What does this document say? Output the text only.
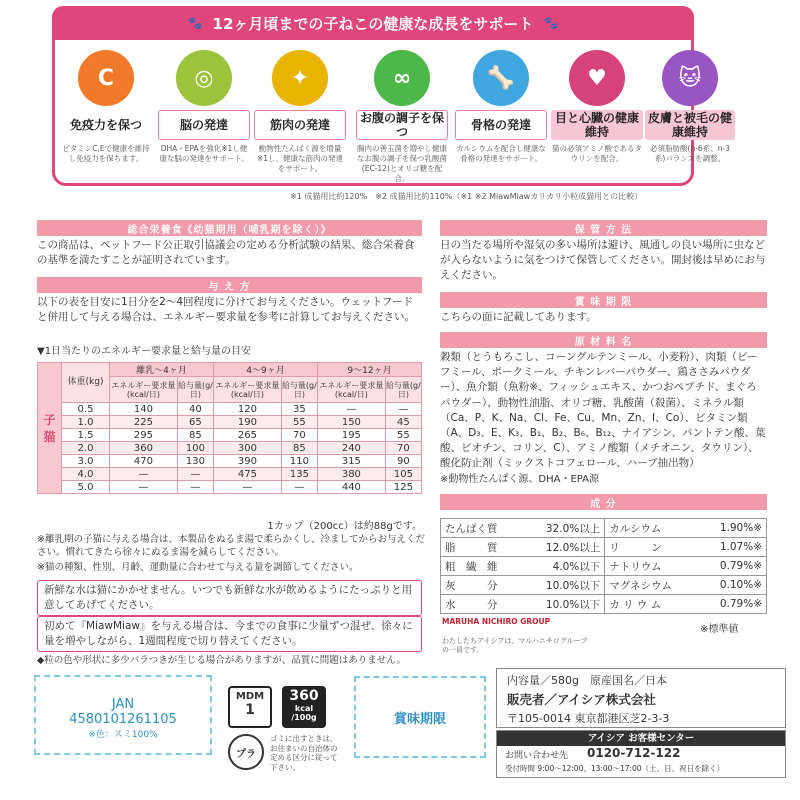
🐾 12ヶ月頃までの子ねこの健康な成長をサポート 🐾
C
免疫力を保つ
ビタミンC,Eで健康を維持し免疫力を保ちます。
◎
脳の発達
DHA・EPAを強化※1し健康な脳の発達をサポート。
✦
筋肉の発達
動物性たんぱく源を増量※1し、健康な筋肉の発達をサポート。
∞
お腹の調子を保つ
腸内の善玉菌を増やし健康なお腹の調子を保つ乳酸菌(EC-12)とオリゴ糖を配合。
🦴
骨格の発達
カルシウムを配合し健康な骨格の発達をサポート。
♥
目と心臓の健康維持
猫の必須アミノ酸であるタウリンを配合。
🐱
皮膚と被毛の健康維持
必須脂肪酸(n-6系、n-3系)バランスを調整。
※1 成猫用比約120%　※2 成猫用比約110%（※1 ※2 MiawMiawカリカリ小粒成猫用との比較）
総合栄養食《幼猫期用（哺乳期を除く）》
この商品は、ペットフード公正取引協議会の定める分析試験の結果、総合栄養食の基準を満たすことが証明されています。
与 え 方
以下の表を目安に1日分を2～4回程度に分けてお与えください。ウェットフードと併用して与える場合は、エネルギー要求量を参考に計算してお与えください。
▼1日当たりのエネルギー要求量と給与量の目安
子猫	体重(kg)	離乳～4ヶ月		4～9ヶ月		9～12ヶ月	
		エネルギー要求量(kcal/日)	給与量(g/日)	エネルギー要求量(kcal/日)	給与量(g/日)	エネルギー要求量(kcal/日)	給与量(g/日)
	0.5	140	40	120	35	—	—
	1.0	225	65	190	55	150	45
	1.5	295	85	265	70	195	55
	2.0	360	100	300	85	240	70
	3.0	470	130	390	110	315	90
	4.0	—	—	475	135	380	105
	5.0	—	—	—	—	440	125
1カップ（200cc）は約88gです。
※離乳期の子猫に与える場合は、本製品をぬるま湯で柔らかくし、冷ましてからお与えください。慣れてきたら徐々にぬるま湯を減らしてください。
※猫の種類、性別、月齢、運動量に合わせて与える量を調節してください。
新鮮な水は猫にかかせません。いつでも新鮮な水が飲めるようにたっぷりと用意してあげてください。
初めて『MiawMiaw』を与える場合は、今までの食事に少量ずつ混ぜ、徐々に量を増やしながら、1週間程度で切り替えてください。
◆粒の色や形状に多少バラつきが生じる場合がありますが、品質に問題はありません。
保 管 方 法
日の当たる場所や湿気の多い場所は避け、風通しの良い場所に虫などが入らないように気をつけて保管してください。開封後は早めにお与えください。
賞 味 期 限
こちらの面に記載してあります。
原 材 料 名
穀類（とうもろこし、コーングルテンミール、小麦粉）、肉類（ビーフミール、ポークミール、チキンレバーパウダー、鶏ささみパウダー）、魚介類（魚粉※、フィッシュエキス、かつおペプチド、まぐろパウダー）、動物性油脂、オリゴ糖、乳酸菌（殺菌）、ミネラル類（Ca、P、K、Na、Cl、Fe、Cu、Mn、Zn、I、Co）、ビタミン類（A、D₃、E、K₃、B₁、B₂、B₆、B₁₂、ナイアシン、パントテン酸、葉酸、ビオチン、コリン、C）、アミノ酸類（メチオニン、タウリン）、酸化防止剤（ミックストコフェロール、ハーブ抽出物）
※動物性たんぱく源、DHA・EPA源
成 分
たんぱく質	32.0%以上	カルシウム	1.90%※
脂　　　質	12.0%以上	リ　　　ン	1.07%※
粗　繊　維	4.0%以下	ナトリウム	0.79%※
灰　　　分	10.0%以下	マグネシウム	0.10%※
水　　　分	10.0%以下	カ リ ウ ム	0.79%※
MARUHA NICHIRO GROUP
わたしたちアイシアは、マルハニチログループの一員です。
※標準値
JAN
4580101261105
※色：スミ100%
MDM
1
360
kcal
/100g
プラ
ゴミに出すときは、お住まいの自治体の定める区分に従って下さい。
賞味期限
内容量／580g　原産国名／日本
販売者／アイシア株式会社
〒105-0014 東京都港区芝2-3-3
アイシア お客様センター
お問い合わせ先 0120-712-122
受付時間 9:00～12:00、13:00～17:00（土、日、祝日を除く）
